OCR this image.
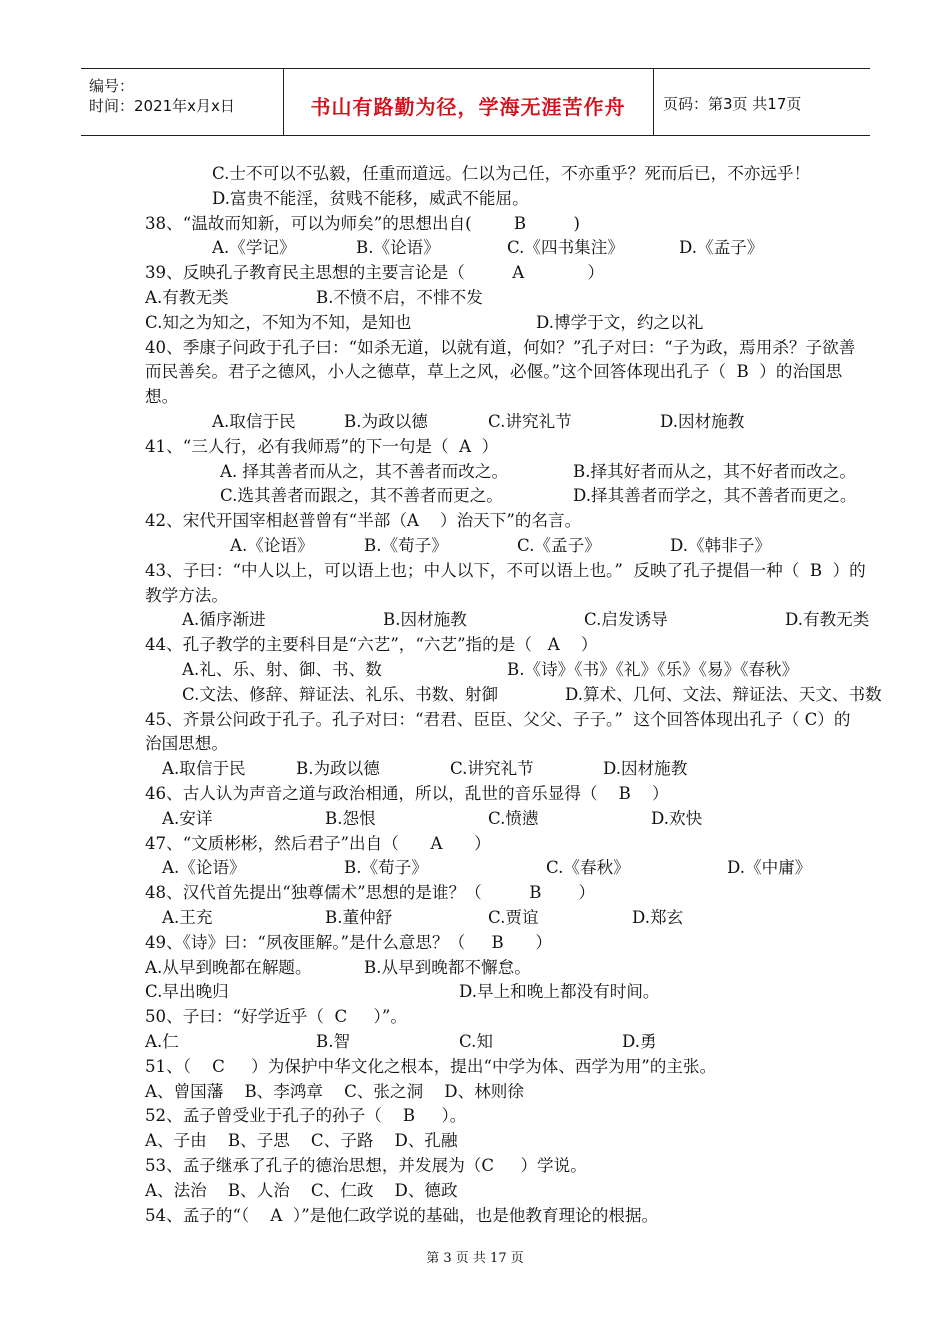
编号：
时间：2021年x月x日	书山有路勤为径，学海无涯苦作舟	页码：第3页 共17页
C.士不可以不弘毅，任重而道远。仁以为己任，不亦重乎？死而后已，不亦远乎！
D.富贵不能淫，贫贱不能移，威武不能屈。
38、“温故而知新，可以为师矣”的思想出自(        B         )
A.《学记》	B.《论语》	C.《四书集注》	D.《孟子》
39、反映孔子教育民主思想的主要言论是（         A            ）
A.有教无类	B.不愤不启，不悱不发
C.知之为知之，不知为不知，是知也	D.博学于文，约之以礼
40、季康子问政于孔子曰：“如杀无道，以就有道，何如？”孔子对曰：“子为政，焉用杀？子欲善
而民善矣。君子之德风，小人之德草，草上之风，必偃。”这个回答体现出孔子（  B  ）的治国思
想。
A.取信于民	B.为政以德	C.讲究礼节	D.因材施教
41、“三人行，必有我师焉”的下一句是（  A  ）
A. 择其善者而从之，其不善者而改之。	B.择其好者而从之，其不好者而改之。
C.选其善者而跟之，其不善者而更之。	D.择其善者而学之，其不善者而更之。
42、宋代开国宰相赵普曾有“半部（A    ）治天下”的名言。
A.《论语》	B.《荀子》	C.《孟子》	D.《韩非子》
43、子曰：“中人以上，可以语上也；中人以下，不可以语上也。”  反映了孔子提倡一种（  B  ）的
教学方法。
A.循序渐进	B.因材施教	C.启发诱导	D.有教无类
44、孔子教学的主要科目是“六艺”，“六艺”指的是（   A    ）
A.礼、乐、射、御、书、数	B.《诗》《书》《礼》《乐》《易》《春秋》
C.文法、修辞、辩证法、礼乐、书数、射御	D.算术、几何、文法、辩证法、天文、书数
45、齐景公问政于孔子。孔子对曰：“君君、臣臣、父父、子子。”  这个回答体现出孔子（ C）的
治国思想。
A.取信于民	B.为政以德	C.讲究礼节	D.因材施教
46、古人认为声音之道与政治相通，所以，乱世的音乐显得（    B    ）
A.安详	B.怨恨	C.愤懑	D.欢快
47、“文质彬彬，然后君子”出自（      A      ）
A.《论语》	B.《荀子》	C.《春秋》	D.《中庸》
48、汉代首先提出“独尊儒术”思想的是谁？（         B       ）
A.王充	B.董仲舒	C.贾谊	D.郑玄
49、《诗》曰：“夙夜匪解。”是什么意思？（     B      ）
A.从早到晚都在解题。	B.从早到晚都不懈怠。
C.早出晚归	D.早上和晚上都没有时间。
50、子曰：“好学近乎（  C     ）”。
A.仁	B.智	C.知	D.勇
51、（    C     ）为保护中华文化之根本，提出“中学为体、西学为用”的主张。
A、曾国藩    B、李鸿章    C、张之洞    D、林则徐
52、孟子曾受业于孔子的孙子（    B     ）。
A、子由    B、子思    C、子路    D、孔融
53、孟子继承了孔子的德治思想，并发展为（C     ）学说。
A、法治    B、人治    C、仁政    D、德政
54、孟子的“（    A  ）”是他仁政学说的基础，也是他教育理论的根据。
第 3 页 共 17 页
